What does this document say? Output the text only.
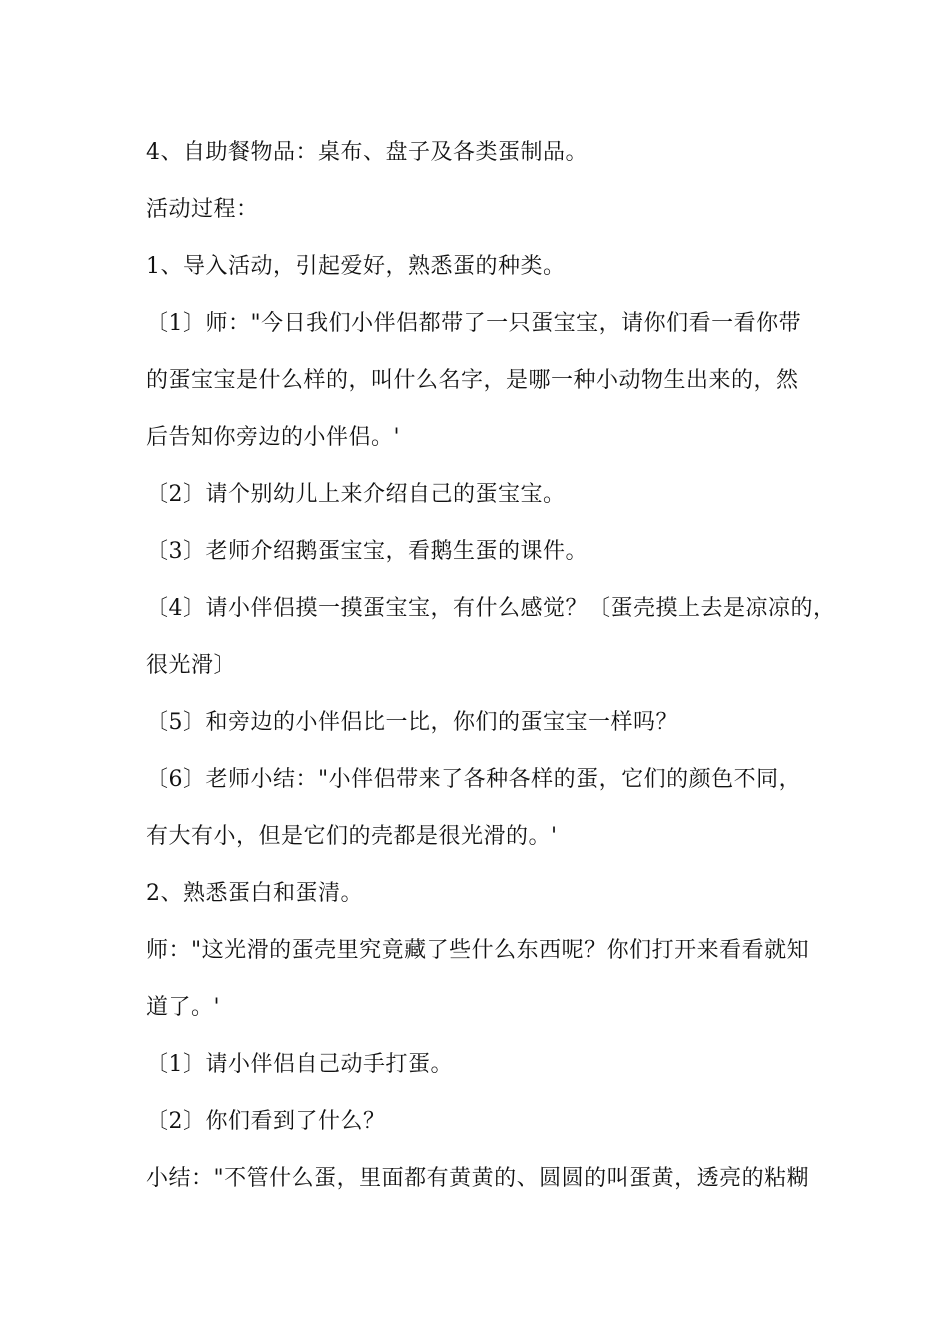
4、自助餐物品：桌布、盘子及各类蛋制品。
活动过程：
1、导入活动，引起爱好，熟悉蛋的种类。
〔1〕师："今日我们小伴侣都带了一只蛋宝宝，请你们看一看你带
的蛋宝宝是什么样的，叫什么名字，是哪一种小动物生出来的，然
后告知你旁边的小伴侣。'
〔2〕请个别幼儿上来介绍自己的蛋宝宝。
〔3〕老师介绍鹅蛋宝宝，看鹅生蛋的课件。
〔4〕请小伴侣摸一摸蛋宝宝，有什么感觉？〔蛋壳摸上去是凉凉的，
很光滑〕
〔5〕和旁边的小伴侣比一比，你们的蛋宝宝一样吗？
〔6〕老师小结："小伴侣带来了各种各样的蛋，它们的颜色不同，
有大有小，但是它们的壳都是很光滑的。'
2、熟悉蛋白和蛋清。
师："这光滑的蛋壳里究竟藏了些什么东西呢？你们打开来看看就知
道了。'
〔1〕请小伴侣自己动手打蛋。
〔2〕你们看到了什么？
小结："不管什么蛋，里面都有黄黄的、圆圆的叫蛋黄，透亮的粘糊
